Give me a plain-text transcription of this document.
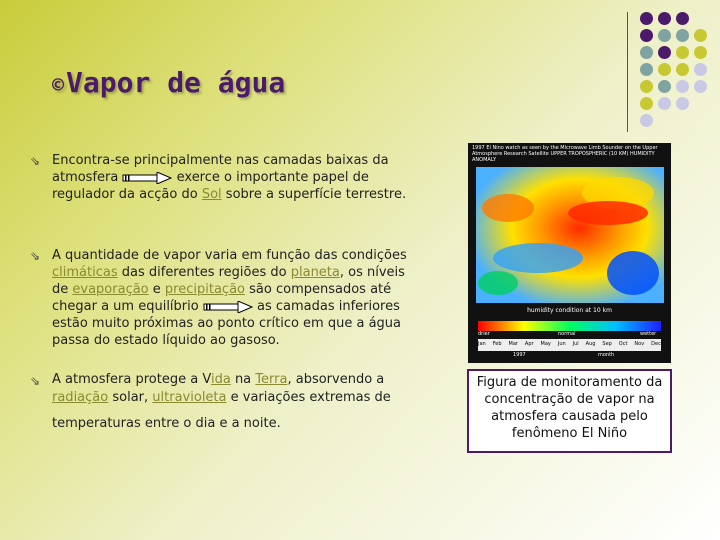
©Vapor de água
⇘ Encontra-se principalmente nas camadas baixas da atmosfera	exerce o importante papel de regulador da acção do Sol sobre a superfície terrestre.
⇘ A quantidade de vapor varia em função das condições climáticas das diferentes regiões do planeta, os níveis de evaporação e precipitação são compensados até chegar a um equilíbrio	as camadas inferiores estão muito próximas ao ponto crítico em que a água passa do estado líquido ao gasoso.
⇘ A atmosfera protege a Vida na Terra, absorvendo a radiação solar, ultravioleta e variações extremas de
temperaturas entre o dia e a noite.
1997 El Nino watch as seen by the Microwave Limb Sounder on the Upper Atmosphere Research Satellite UPPER TROPOSPHERIC (10 KM) HUMIDITY ANOMALY
humidity condition at 10 km
drier	normal	wetter
Jan Feb Mar Apr May Jun Jul Aug Sep Oct Nov Dec
1997	month
Figura de monitoramento da concentração de vapor na atmosfera causada pelo fenômeno El Niño
